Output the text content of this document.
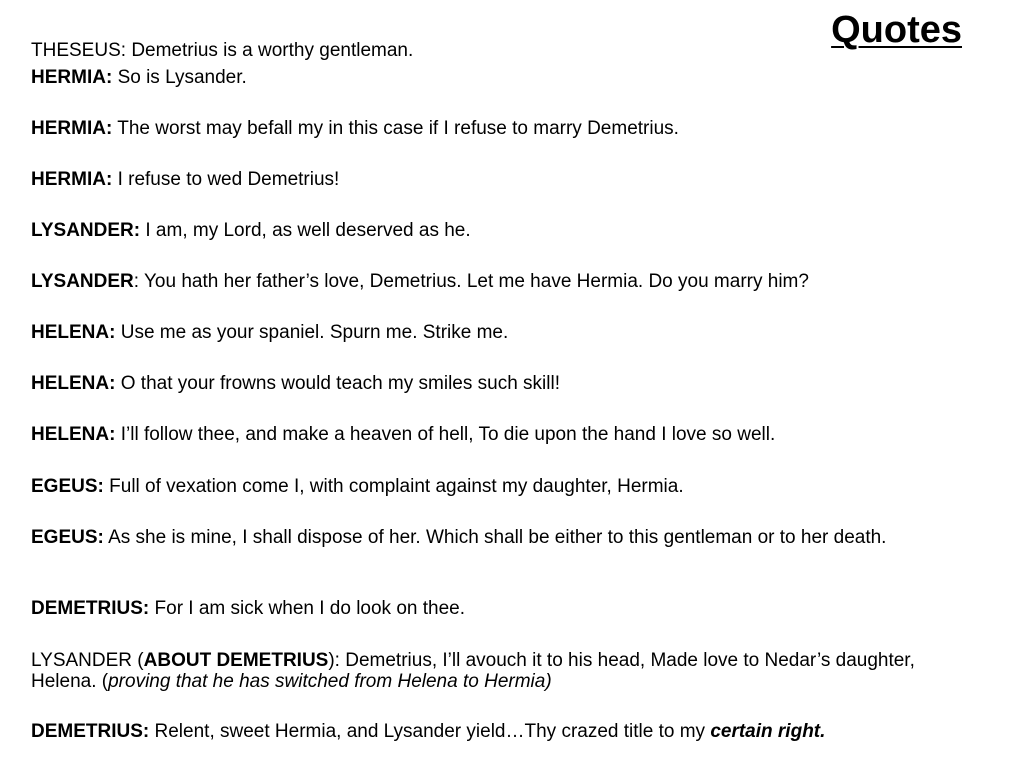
Quotes

THESEUS: Demetrius is a worthy gentleman.

HERMIA: So is Lysander.

HERMIA: The worst may befall my in this case if I refuse to marry Demetrius.

HERMIA: I refuse to wed Demetrius!

LYSANDER: I am, my Lord, as well deserved as he.

LYSANDER: You hath her father’s love, Demetrius. Let me have Hermia. Do you marry him?

HELENA: Use me as your spaniel. Spurn me. Strike me.

HELENA: O that your frowns would teach my smiles such skill!

HELENA: I’ll follow thee, and make a heaven of hell, To die upon the hand I love so well.

EGEUS: Full of vexation come I, with complaint against my daughter, Hermia.

EGEUS: As she is mine, I shall dispose of her. Which shall be either to this gentleman or to her death.

DEMETRIUS: For I am sick when I do look on thee.

LYSANDER (ABOUT DEMETRIUS): Demetrius, I’ll avouch it to his head, Made love to Nedar’s daughter, Helena. (proving that he has switched from Helena to Hermia)

DEMETRIUS: Relent, sweet Hermia, and Lysander yield…Thy crazed title to my certain right.
